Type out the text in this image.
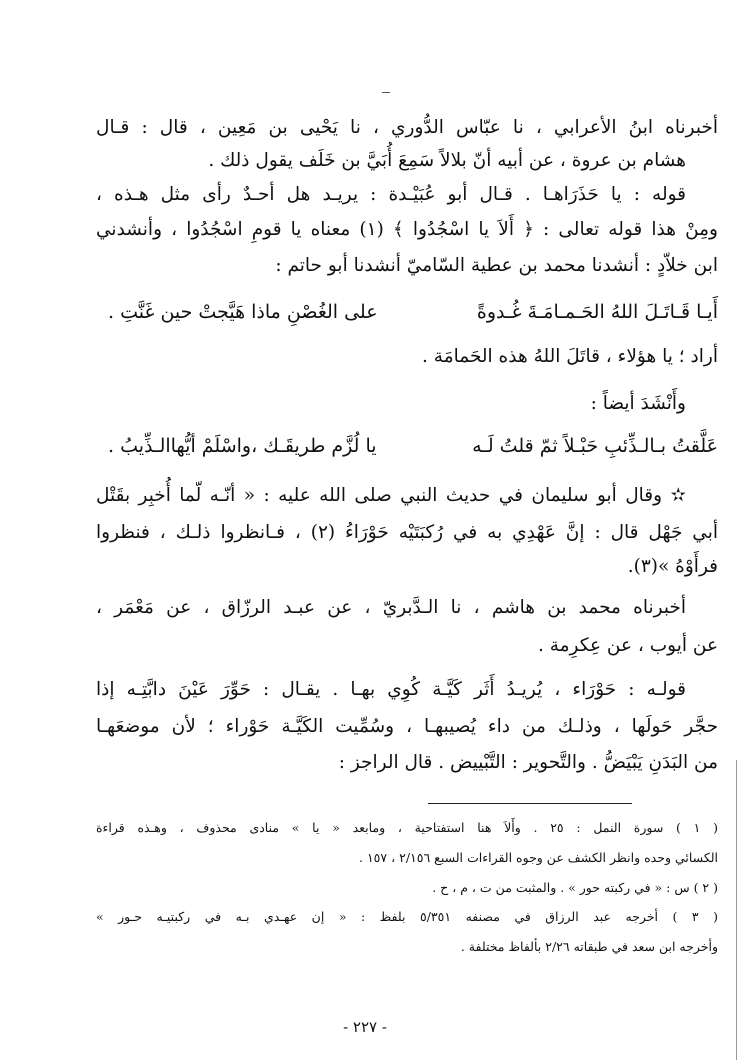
أخبرناه ابنُ الأعرابي ، نا عبّاس الدُّوري ، نا يَحْيى بن مَعِين ، قال : قـال
هشام بن عروة ، عن أبيه أنّ بلالاً سَمِعَ أُبَيَّ بن خَلَف يقول ذلك .
قوله : يا حَذَرَاهـا . قـال أبو عُبَيْـدة : يريـد هل أحـدٌ رأى مثل هـذه ،
ومِنْ هذا قوله تعالى : ﴿ أَلاَ يا اسْجُدُوا ﴾ (١) معناه يا قومِ اسْجُدُوا ، وأنشدني
ابن خلاّدٍ : أنشدنا محمد بن عطية السّاميّ أنشدنا أبو حاتم :
أَيـا قَـاتَـلَ اللهُ الحَـمـامَـةَ غُـدوةً
على الغُصْنِ ماذا هَيَّجتْ حين غَنَّتِ .
أراد ؛ يا هؤلاء ، قاتَلَ اللهُ هذه الحَمامَة .
وأَنْشَدَ أيضاً :
عَلَّقتُ بـالـذِّئبِ حَبْـلاً ثمّ قلتُ لَـه
يا لُزَّم طريقَـك ،واسْلَمْ أيُّهاالـذِّيبُ .
✫ وقال أبو سليمان في حديث النبي صلى الله عليه : « أنّـه لّما أُخبِر بقَتْل
أبي جَهْل قال : إنَّ عَهْدِي به في رُكبَتَيْه حَوْرَاءُ (٢) ، فـانظروا ذلـك ، فنظروا
فرأَوْهُ »(٣).
أخبرناه محمد بن هاشم ، نا الـدَّبريّ ، عن عبـد الرزّاق ، عن مَعْمَر ،
عن أيوب ، عن عِكرِمة .
قولـه : حَوْرَاء ، يُريـدُ أَثَر كَيَّـة كُوِي بهـا . يقـال : حَوِّرَ عَيْنَ دابَّتِـه إذا
حجَّر حَولَها ، وذلـك من داء يُصيبهـا ، وسُمِّيت الكَيَّـة حَوْراء ؛ لأن موضعَهـا
من البَدَنِ يَبْيَضُّ . والتَّحوير : التَّبْييض . قال الراجز :
( ١ ) سورة النمل : ٢٥ . وأَلاَ هنا استفتاحية ، ومابعد « يا » منادى محذوف ، وهـذه قراءة
الكسائي وحده وانظر الكشف عن وجوه القراءات السبع ٢/١٥٦ ، ١٥٧ .
( ٢ ) س : « في ركبته حور » . والمثبت من ت ، م ، ح .
( ٣ ) أخرجه عبد الرزاق في مصنفه ٥/٣٥١ بلفظ : « إن عهـدي بـه في ركبتيـه حـور »
وأخرجه ابن سعد في طبقاته ٢/٢٦ بألفاظ مختلفة .
- ٢٢٧ -
